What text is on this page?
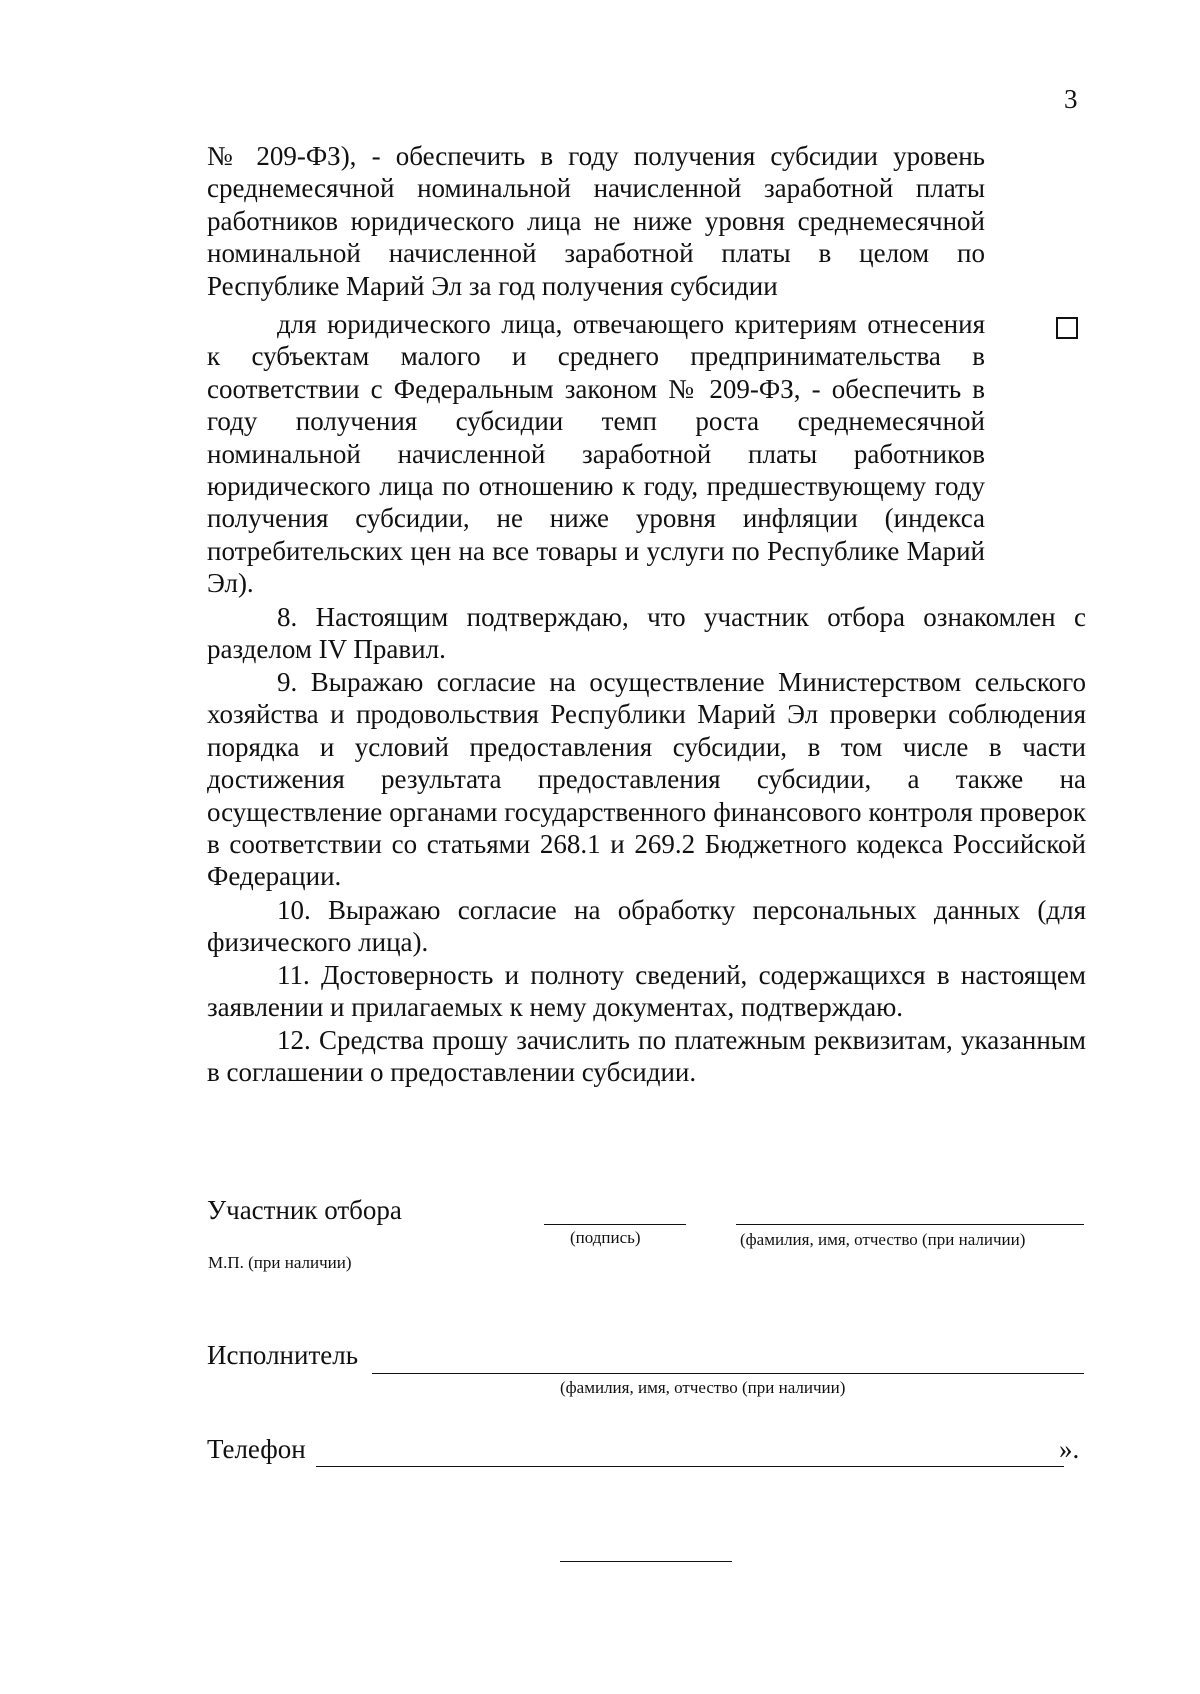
3

№ 209-ФЗ), - обеспечить в году получения субсидии уровень среднемесячной номинальной начисленной заработной платы работников юридического лица не ниже уровня среднемесячной номинальной начисленной заработной платы в целом по Республике Марий Эл за год получения субсидии

для юридического лица, отвечающего критериям отнесения к субъектам малого и среднего предпринимательства в соответствии с Федеральным законом № 209-ФЗ, - обеспечить в году получения субсидии темп роста среднемесячной номинальной начисленной заработной платы работников юридического лица по отношению к году, предшествующему году получения субсидии, не ниже уровня инфляции (индекса потребительских цен на все товары и услуги по Республике Марий Эл).

8. Настоящим подтверждаю, что участник отбора ознакомлен с разделом IV Правил.

9. Выражаю согласие на осуществление Министерством сельского хозяйства и продовольствия Республики Марий Эл проверки соблюдения порядка и условий предоставления субсидии, в том числе в части достижения результата предоставления субсидии, а также на осуществление органами государственного финансового контроля проверок в соответствии со статьями 268.1 и 269.2 Бюджетного кодекса Российской Федерации.

10. Выражаю согласие на обработку персональных данных (для физического лица).

11. Достоверность и полноту сведений, содержащихся в настоящем заявлении и прилагаемых к нему документах, подтверждаю.

12. Средства прошу зачислить по платежным реквизитам, указанным в соглашении о предоставлении субсидии.

Участник отбора
(подпись)	(фамилия, имя, отчество (при наличии)
М.П. (при наличии)
Исполнитель
(фамилия, имя, отчество (при наличии)
Телефон	».
